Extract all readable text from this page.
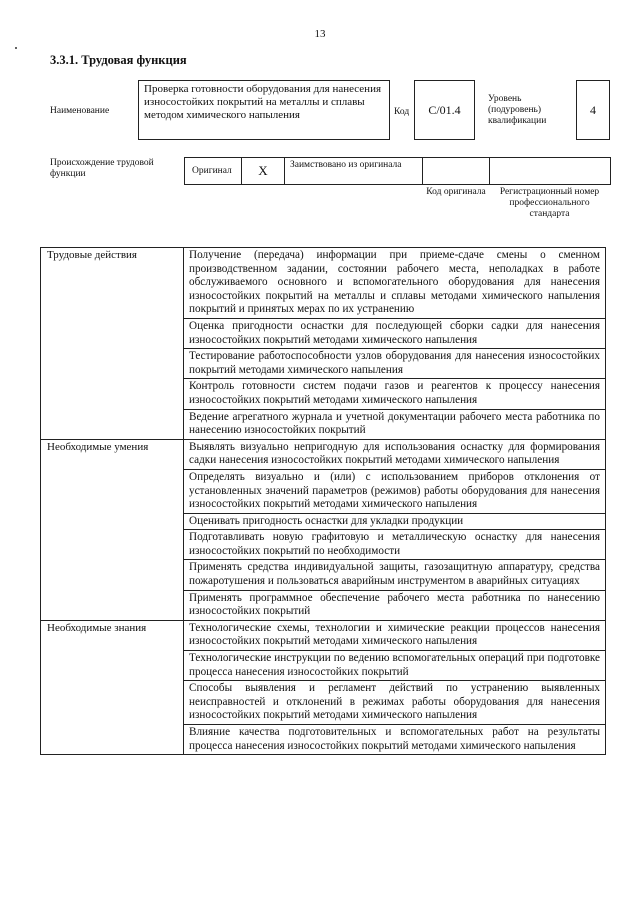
13
3.3.1. Трудовая функция
Наименование
Проверка готовности оборудования для нанесения износостойких покрытий на металлы и сплавы методом химического напыления	Код С/01.4
Уровень (подуровень) квалификации
4
Происхождение трудовой функции	Оригинал X Заимствовано из оригинала
Код оригинала	Регистрационный номер профессионального стандарта
Трудовые действия	Получение (передача) информации при приеме-сдаче смены о сменном производственном задании, состоянии рабочего места, неполадках в работе обслуживаемого основного и вспомогательного оборудования для нанесения износостойких покрытий на металлы и сплавы методами химического напыления покрытий и принятых мерах по их устранению
Оценка пригодности оснастки для последующей сборки садки для нанесения износостойких покрытий методами химического напыления
Тестирование работоспособности узлов оборудования для нанесения износостойких покрытий методами химического напыления
Контроль готовности систем подачи газов и реагентов к процессу нанесения износостойких покрытий методами химического напыления
Ведение агрегатного журнала и учетной документации рабочего места работника по нанесению износостойких покрытий
Необходимые умения	Выявлять визуально непригодную для использования оснастку для формирования садки нанесения износостойких покрытий методами химического напыления
Определять визуально и (или) с использованием приборов отклонения от установленных значений параметров (режимов) работы оборудования для нанесения износостойких покрытий методами химического напыления
Оценивать пригодность оснастки для укладки продукции
Подготавливать новую графитовую и металлическую оснастку для нанесения износостойких покрытий по необходимости
Применять средства индивидуальной защиты, газозащитную аппаратуру, средства пожаротушения и пользоваться аварийным инструментом в аварийных ситуациях
Применять программное обеспечение рабочего места работника по нанесению износостойких покрытий
Необходимые знания	Технологические схемы, технологии и химические реакции процессов нанесения износостойких покрытий методами химического напыления
Технологические инструкции по ведению вспомогательных операций при подготовке процесса нанесения износостойких покрытий
Способы выявления и регламент действий по устранению выявленных неисправностей и отклонений в режимах работы оборудования для нанесения износостойких покрытий методами химического напыления
Влияние качества подготовительных и вспомогательных работ на результаты процесса нанесения износостойких покрытий методами химического напыления
